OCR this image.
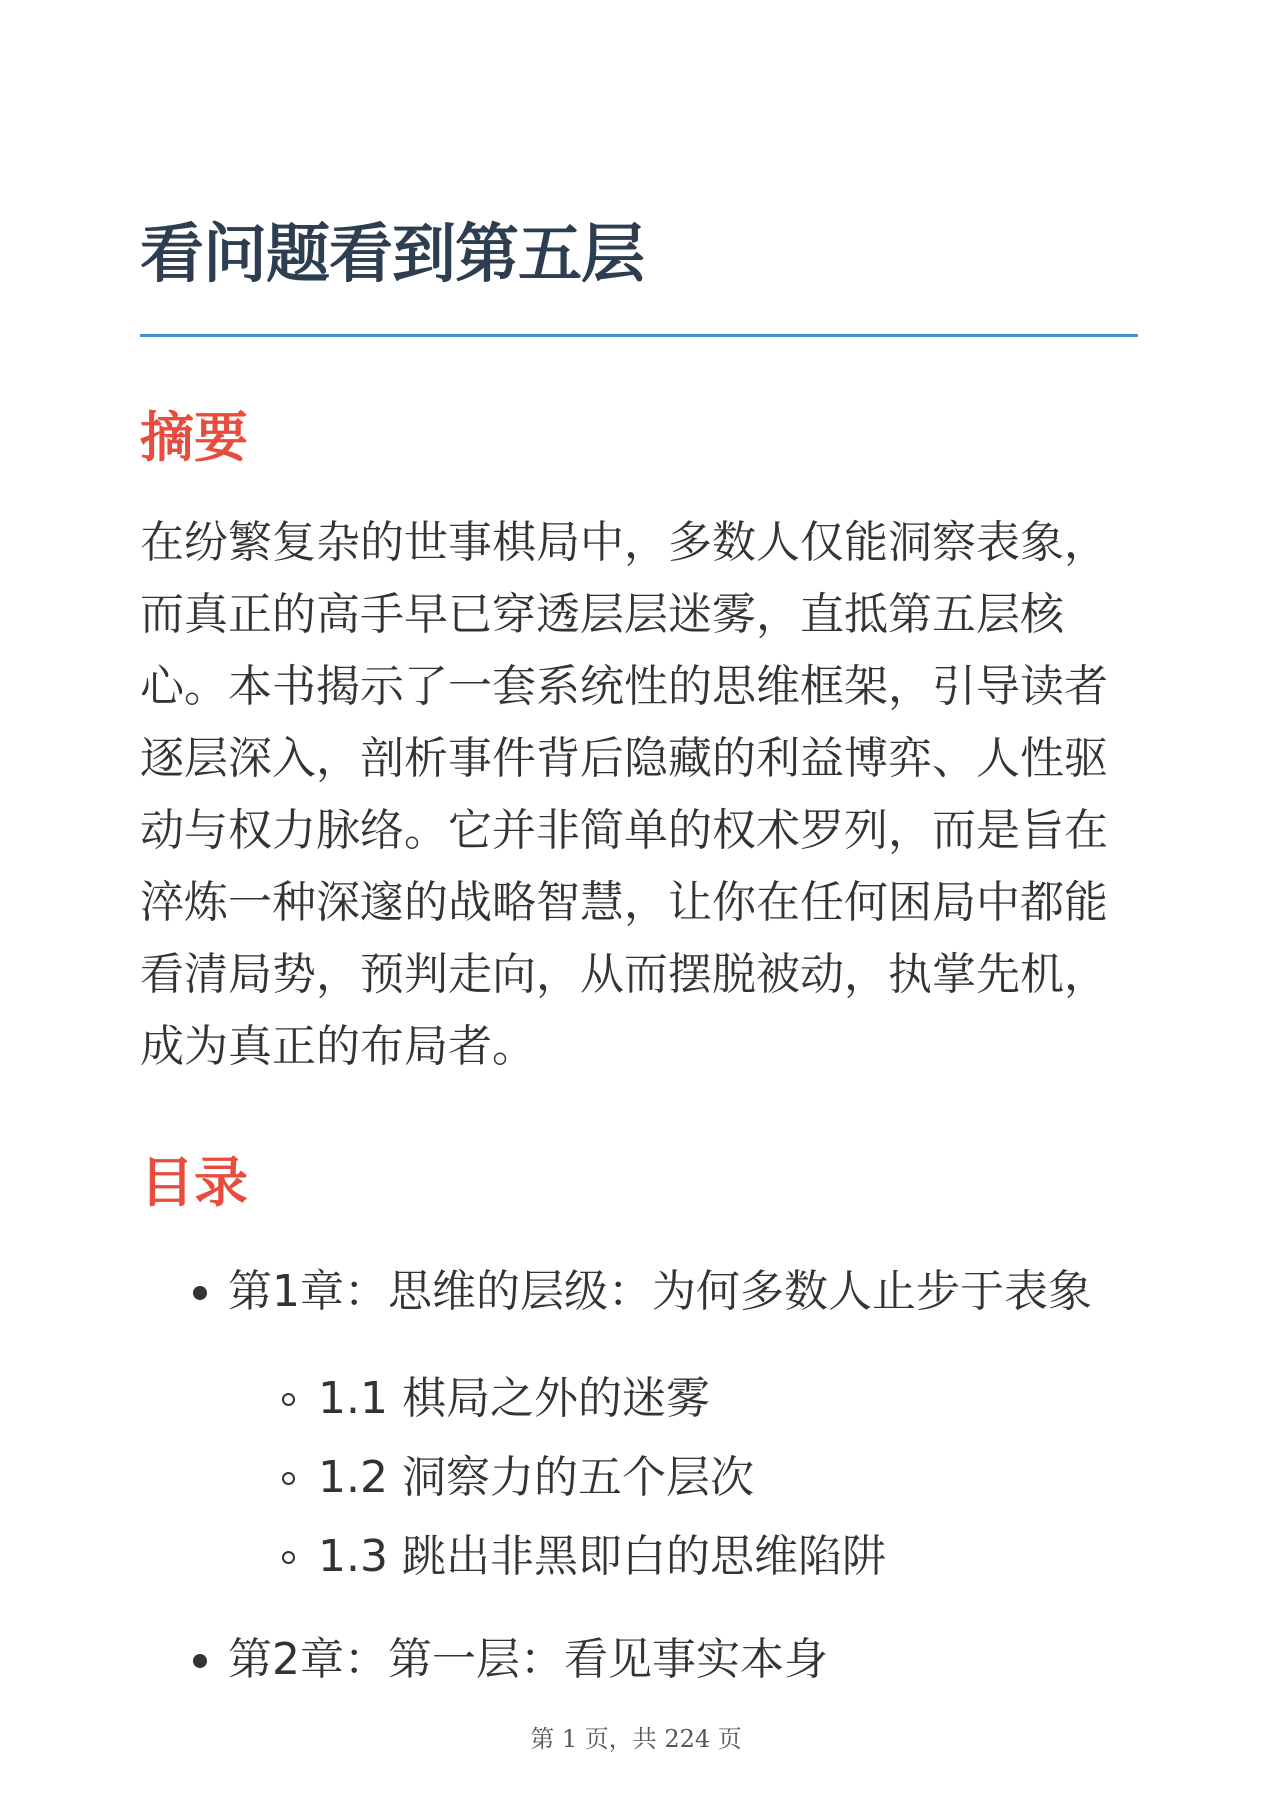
看问题看到第五层
摘要
在纷繁复杂的世事棋局中，多数人仅能洞察表象，
而真正的高手早已穿透层层迷雾，直抵第五层核
心。本书揭示了一套系统性的思维框架，引导读者
逐层深入，剖析事件背后隐藏的利益博弈、人性驱
动与权力脉络。它并非简单的权术罗列，而是旨在
淬炼一种深邃的战略智慧，让你在任何困局中都能
看清局势，预判走向，从而摆脱被动，执掌先机，
成为真正的布局者。
目录
第1章：思维的层级：为何多数人止步于表象
1.1 棋局之外的迷雾
1.2 洞察力的五个层次
1.3 跳出非黑即白的思维陷阱
第2章：第一层：看见事实本身
第 1 页，共 224 页
